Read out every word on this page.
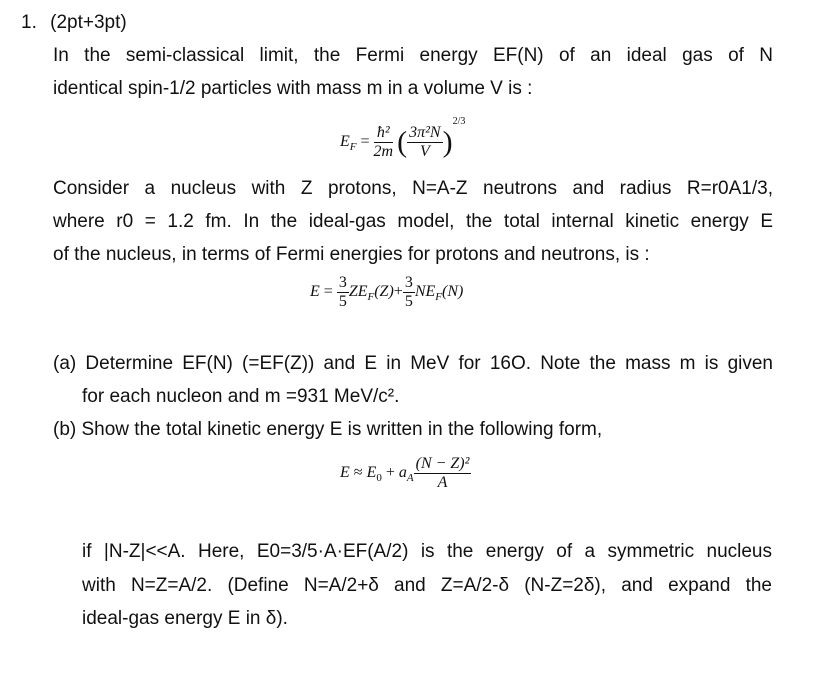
1. (2pt+3pt)
In the semi-classical limit, the Fermi energy EF(N) of an ideal gas of N
identical spin-1/2 particles with mass m in a volume V is :
$E_F = \frac{\text{ħ²}}{2m}$ ( $\frac{\text{3π²N}}{V} )^{2/3}$
Consider a nucleus with Z protons, N=A-Z neutrons and radius R=r0A1/3,
where r0 = 1.2 fm. In the ideal-gas model, the total internal kinetic energy E
of the nucleus, in terms of Fermi energies for protons and neutrons, is :
$E = \frac{3}{5} ZE_F(Z)+ \frac{3}{5} NE_F(N)$
(a) Determine EF(N) (=EF(Z)) and E in MeV for 16O. Note the mass m is given
for each nucleon and m =931 MeV/c².
(b) Show the total kinetic energy E is written in the following form,
$E \approx E_0 + a_A \frac{\text{(N − Z)²}}{A}$
if |N-Z|<<A. Here, E0=3/5·A·EF(A/2) is the energy of a symmetric nucleus
with N=Z=A/2. (Define N=A/2+δ and Z=A/2-δ (N-Z=2δ), and expand the
ideal-gas energy E in δ).
